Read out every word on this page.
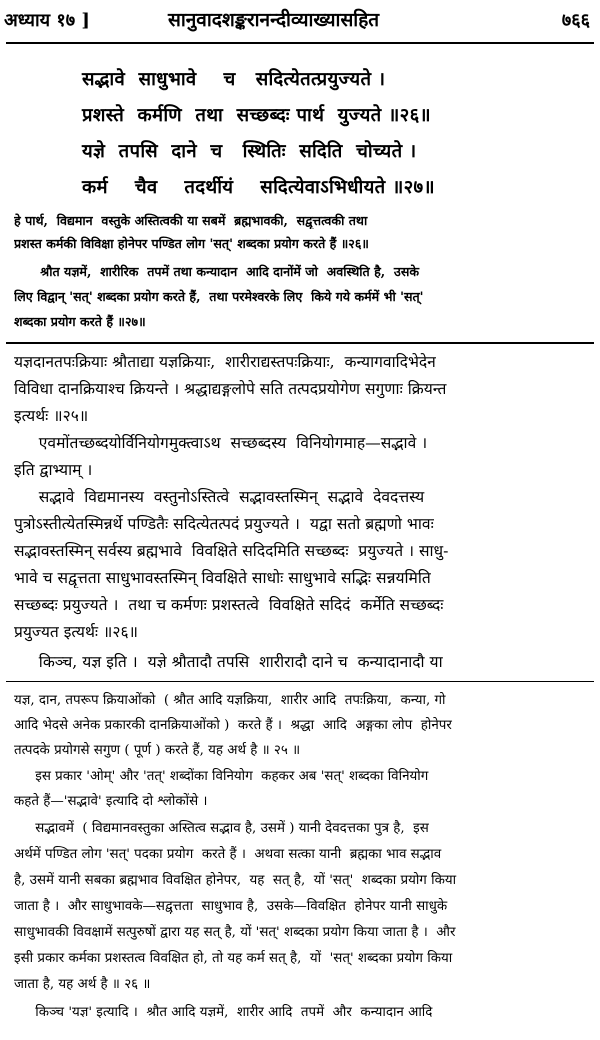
अध्याय १७ ]	सानुवादशङ्करानन्दीव्याख्यासहित	७६६
सद्भावे  साधुभावे    च   सदित्येतत्प्रयुज्यते ।
प्रशस्ते  कर्मणि  तथा  सच्छब्दः पार्थ  युज्यते ॥२६॥
यज्ञे  तपसि  दाने  च   स्थितिः  सदिति  चोच्यते ।
कर्म    चैव    तदर्थीयं    सदित्येवाऽभिधीयते ॥२७॥
हे पार्थ,  विद्यमान  वस्तुके अस्तित्वकी या सबमें  ब्रह्मभावकी,  सद्वृत्तत्वकी तथा
प्रशस्त कर्मकी विविक्षा होनेपर पण्डित लोग 'सत्' शब्दका प्रयोग करते हैं ॥२६॥
श्रौत यज्ञमें,  शारीरिक  तपमें तथा कन्यादान  आदि दानोंमें जो  अवस्थिति है,  उसके
लिए विद्वान् 'सत्' शब्दका प्रयोग करते हैं,  तथा परमेश्वरके लिए  किये गये कर्ममें भी 'सत्'
शब्दका प्रयोग करते हैं ॥२७॥
यज्ञदानतपःक्रियाः श्रौताद्या यज्ञक्रियाः,  शारीराद्यस्तपःक्रियाः,  कन्यागवादिभेदेन
विविधा दानक्रियाश्च क्रियन्ते । श्रद्धाद्यङ्गलोपे सति तत्पदप्रयोगेण सगुणाः क्रियन्त
इत्यर्थः ॥२५॥
एवमोंतच्छब्दयोर्विनियोगमुक्त्वाऽथ  सच्छब्दस्य  विनियोगमाह—सद्भावे ।
इति द्वाभ्याम् ।
सद्भावे  विद्यमानस्य  वस्तुनोऽस्तित्वे  सद्भावस्तस्मिन्  सद्भावे  देवदत्तस्य
पुत्रोऽस्तीत्येतस्मिन्नर्थे पण्डितैः सदित्येतत्पदं प्रयुज्यते ।  यद्वा सतो ब्रह्मणो भावः
सद्भावस्तस्मिन् सर्वस्य ब्रह्मभावे  विवक्षिते सदिदमिति सच्छब्दः  प्रयुज्यते । साधु-
भावे च सद्वृत्तता साधुभावस्तस्मिन् विवक्षिते साधोः साधुभावे सद्भिः सन्नयमिति
सच्छब्दः प्रयुज्यते ।  तथा च कर्मणः प्रशस्तत्वे  विवक्षिते सदिदं  कर्मेति सच्छब्दः
प्रयुज्यत इत्यर्थः ॥२६॥
किञ्च, यज्ञ इति ।  यज्ञे श्रौतादौ तपसि  शारीरादौ दाने च  कन्यादानादौ या
यज्ञ, दान, तपरूप क्रियाओंको  ( श्रौत आदि यज्ञक्रिया,  शारीर आदि  तपःक्रिया,  कन्या, गो
आदि भेदसे अनेक प्रकारकी दानक्रियाओंको )  करते हैं ।  श्रद्धा  आदि  अङ्गका लोप  होनेपर
तत्पदके प्रयोगसे सगुण ( पूर्ण ) करते हैं, यह अर्थ है ॥ २५ ॥
इस प्रकार 'ओम्' और 'तत्' शब्दोंका विनियोग  कहकर अब 'सत्' शब्दका विनियोग
कहते हैं—'सद्भावे' इत्यादि दो श्लोकोंसे ।
सद्भावमें  ( विद्यमानवस्तुका अस्तित्व सद्भाव है, उसमें ) यानी देवदत्तका पुत्र है,  इस
अर्थमें पण्डित लोग 'सत्' पदका प्रयोग  करते हैं ।  अथवा सत्का यानी  ब्रह्मका भाव सद्भाव
है, उसमें यानी सबका ब्रह्मभाव विवक्षित होनेपर,  यह  सत् है,  यों 'सत्'  शब्दका प्रयोग किया
जाता है ।  और साधुभावके—सद्वृत्तता  साधुभाव है,  उसके—विवक्षित  होनेपर यानी साधुके
साधुभावकी विवक्षामें सत्पुरुषों द्वारा यह सत् है, यों 'सत्' शब्दका प्रयोग किया जाता है ।  और
इसी प्रकार कर्मका प्रशस्तत्व विवक्षित हो, तो यह कर्म सत् है,  यों  'सत्' शब्दका प्रयोग किया
जाता है, यह अर्थ है ॥ २६ ॥
किञ्च 'यज्ञ' इत्यादि ।  श्रौत आदि यज्ञमें,  शारीर आदि  तपमें  और  कन्यादान आदि
